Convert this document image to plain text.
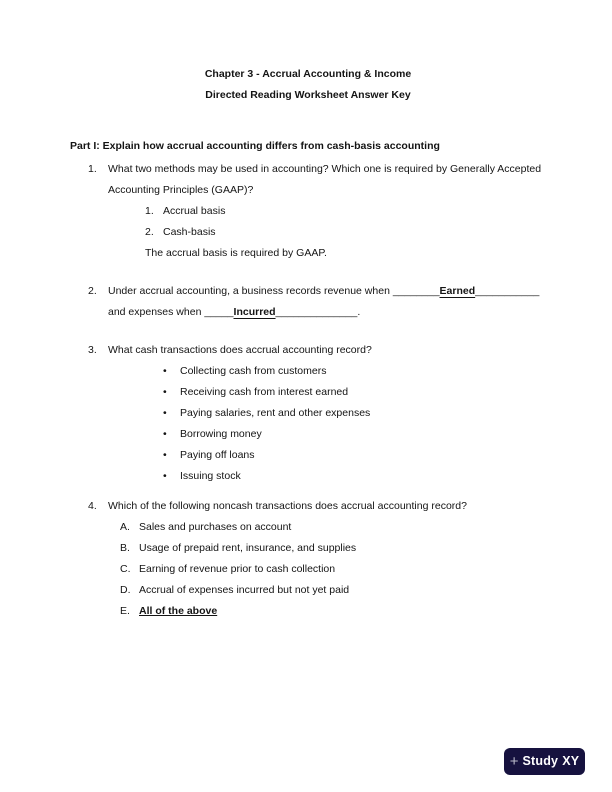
Chapter 3 - Accrual Accounting & Income
Directed Reading Worksheet Answer Key
Part I: Explain how accrual accounting differs from cash-basis accounting
1.	What two methods may be used in accounting? Which one is required by Generally Accepted Accounting Principles (GAAP)?
1. Accrual basis
2. Cash-basis
The accrual basis is required by GAAP.
2.	Under accrual accounting, a business records revenue when ________Earned___________ and expenses when _____Incurred______________.
3.	What cash transactions does accrual accounting record?
•	Collecting cash from customers
•	Receiving cash from interest earned
•	Paying salaries, rent and other expenses
•	Borrowing money
•	Paying off loans
•	Issuing stock
4.	Which of the following noncash transactions does accrual accounting record?
A. Sales and purchases on account
B. Usage of prepaid rent, insurance, and supplies
C. Earning of revenue prior to cash collection
D. Accrual of expenses incurred but not yet paid
E. All of the above
+ Study XY
